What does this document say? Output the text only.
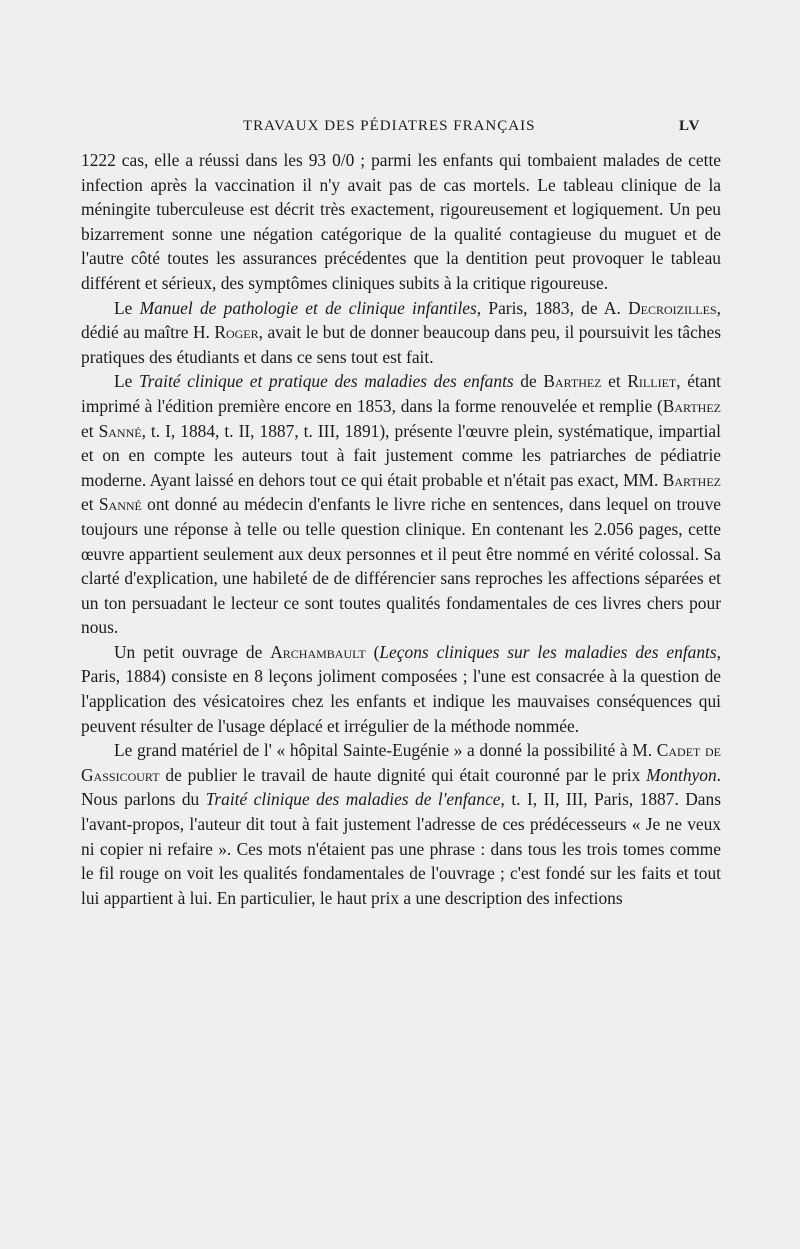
TRAVAUX DES PÉDIATRES FRANÇAIS	LV

1222 cas, elle a réussi dans les 93 0/0 ; parmi les enfants qui tombaient malades de cette infection après la vaccination il n'y avait pas de cas mortels. Le tableau clinique de la méningite tuberculeuse est décrit très exactement, rigoureusement et logiquement. Un peu bizarrement sonne une négation catégorique de la qualité contagieuse du muguet et de l'autre côté toutes les assurances précédentes que la dentition peut provoquer le tableau différent et sérieux, des symptômes cliniques subits à la critique rigoureuse.

Le Manuel de pathologie et de clinique infantiles, Paris, 1883, de A. Decroizilles, dédié au maître H. Roger, avait le but de donner beaucoup dans peu, il poursuivit les tâches pratiques des étudiants et dans ce sens tout est fait.

Le Traité clinique et pratique des maladies des enfants de Barthez et Rilliet, étant imprimé à l'édition première encore en 1853, dans la forme renouvelée et remplie (Barthez et Sanné, t. I, 1884, t. II, 1887, t. III, 1891), présente l'œuvre plein, systématique, impartial et on en compte les auteurs tout à fait justement comme les patriarches de pédiatrie moderne. Ayant laissé en dehors tout ce qui était probable et n'était pas exact, MM. Barthez et Sanné ont donné au médecin d'enfants le livre riche en sentences, dans lequel on trouve toujours une réponse à telle ou telle question clinique. En contenant les 2.056 pages, cette œuvre appartient seulement aux deux personnes et il peut être nommé en vérité colossal. Sa clarté d'explication, une habileté de de différencier sans reproches les affections séparées et un ton persuadant le lecteur ce sont toutes qualités fondamentales de ces livres chers pour nous.

Un petit ouvrage de Archambault (Leçons cliniques sur les maladies des enfants, Paris, 1884) consiste en 8 leçons joliment composées ; l'une est consacrée à la question de l'application des vésicatoires chez les enfants et indique les mauvaises conséquences qui peuvent résulter de l'usage déplacé et irrégulier de la méthode nommée.

Le grand matériel de l' « hôpital Sainte-Eugénie » a donné la possibilité à M. Cadet de Gassicourt de publier le travail de haute dignité qui était couronné par le prix Monthyon. Nous parlons du Traité clinique des maladies de l'enfance, t. I, II, III, Paris, 1887. Dans l'avant-propos, l'auteur dit tout à fait justement l'adresse de ces prédécesseurs « Je ne veux ni copier ni refaire ». Ces mots n'étaient pas une phrase : dans tous les trois tomes comme le fil rouge on voit les qualités fondamentales de l'ouvrage ; c'est fondé sur les faits et tout lui appartient à lui. En particulier, le haut prix a une description des infections
